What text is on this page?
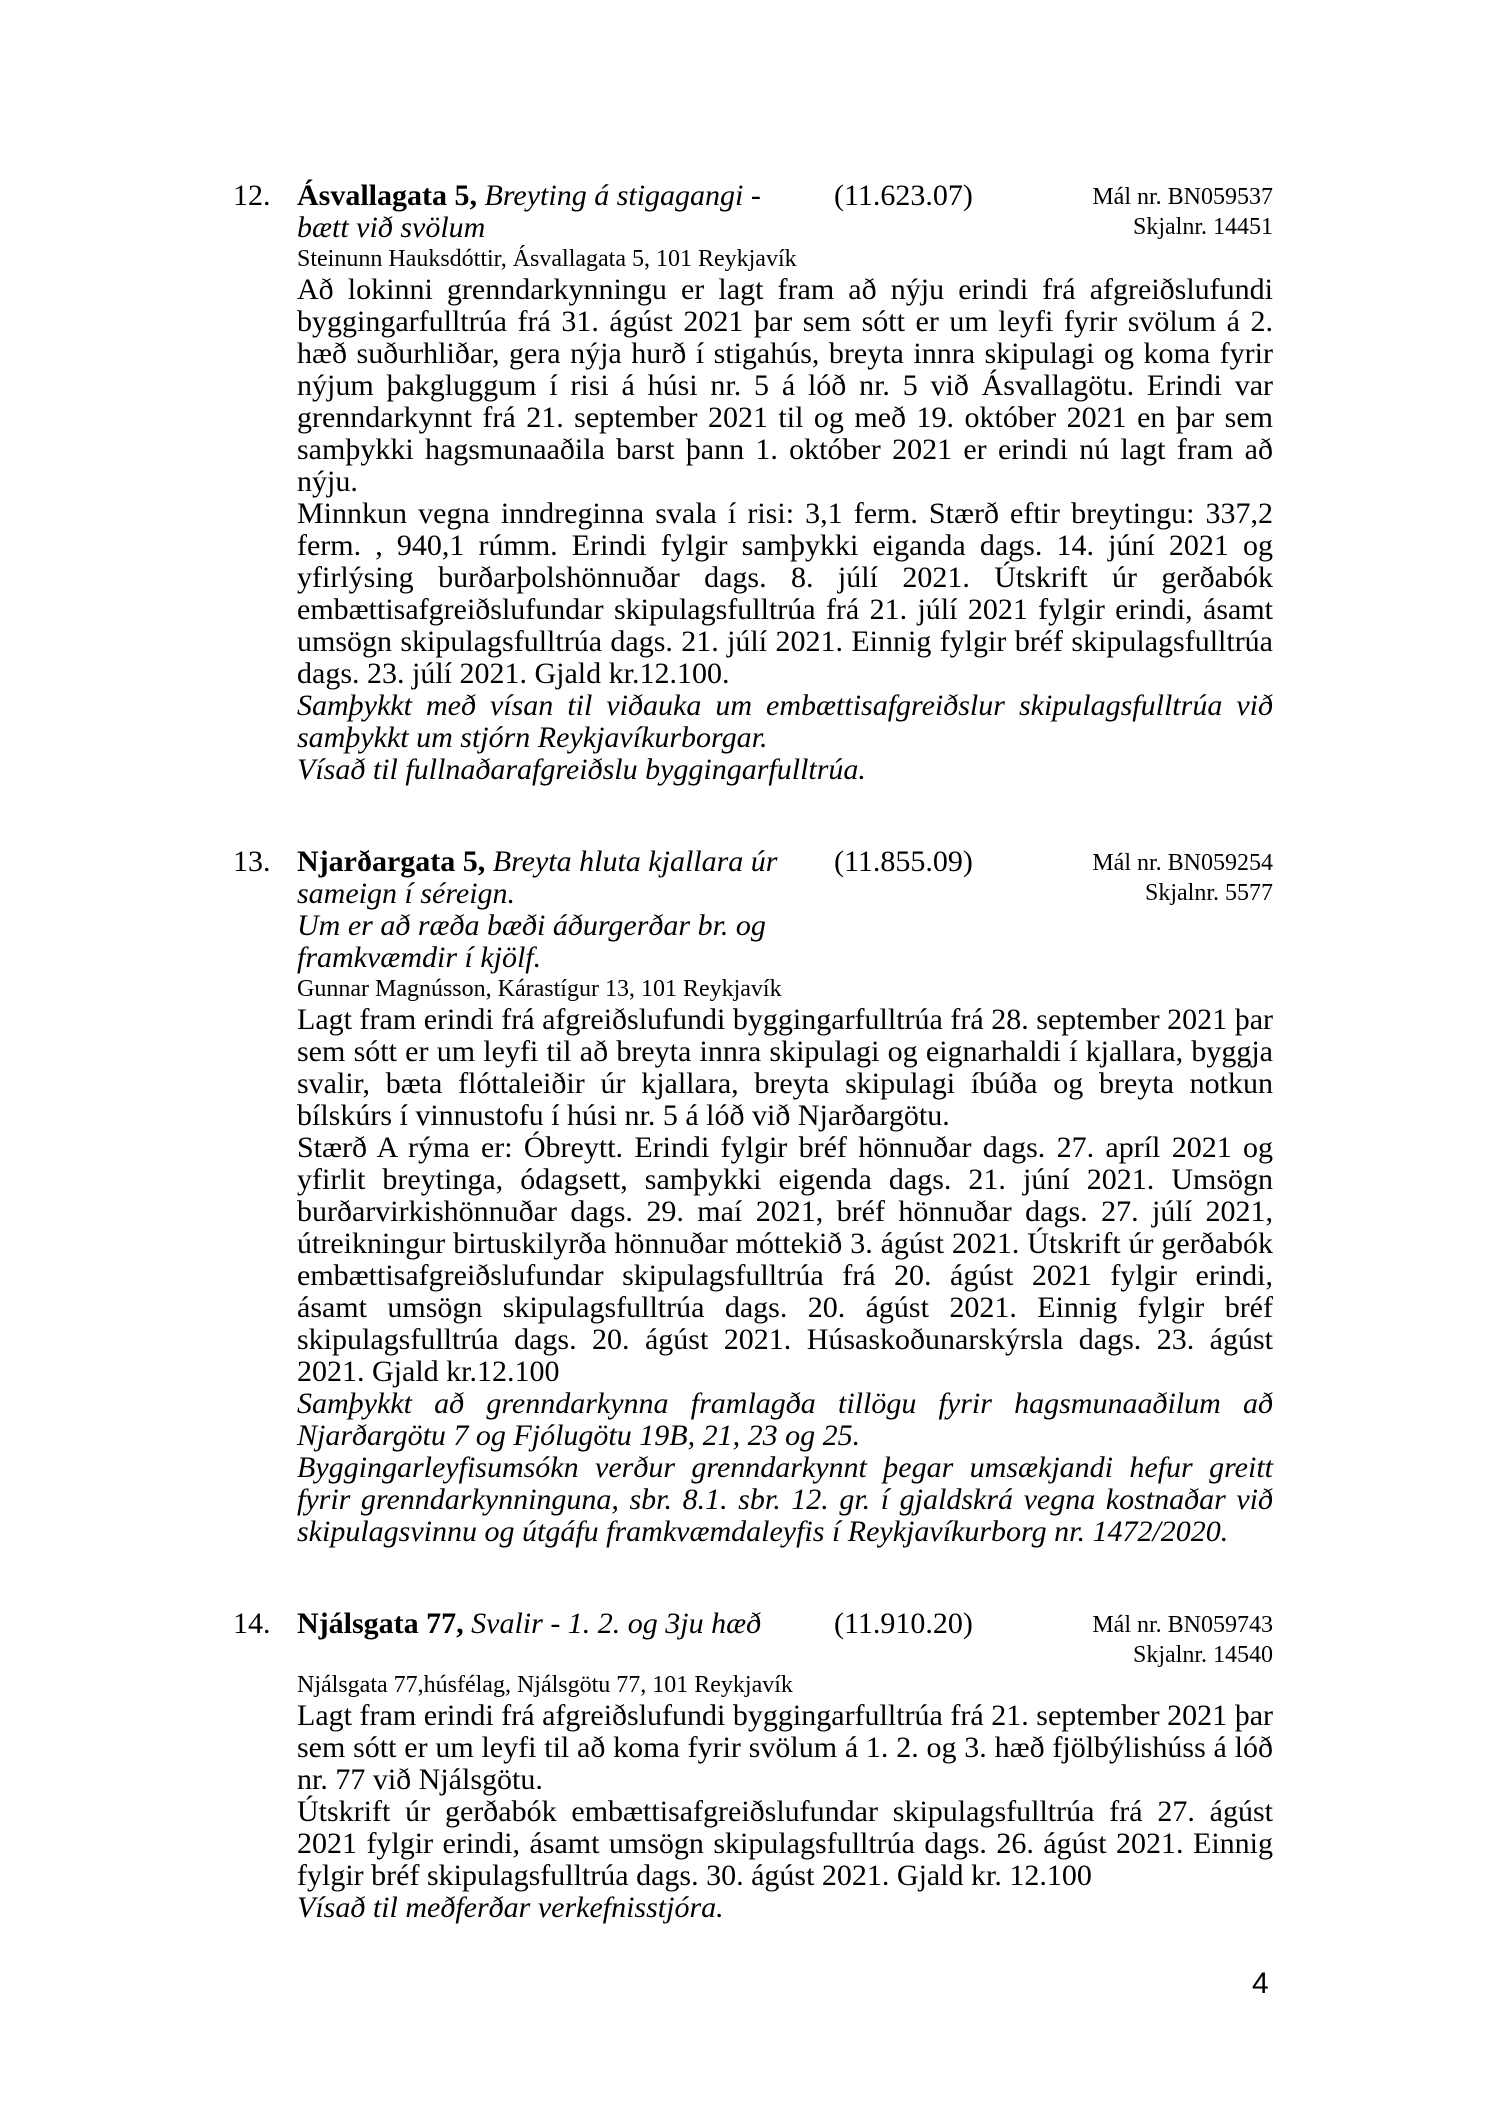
12. Ásvallagata 5, Breyting á stigagangi - bætt við svölum
(11.623.07)	Mál nr. BN059537
Skjalnr. 14451
Steinunn Hauksdóttir, Ásvallagata 5, 101 Reykjavík
Að lokinni grenndarkynningu er lagt fram að nýju erindi frá afgreiðslufundi byggingarfulltrúa frá 31. ágúst 2021 þar sem sótt er um leyfi fyrir svölum á 2. hæð suðurhliðar, gera nýja hurð í stigahús, breyta innra skipulagi og koma fyrir nýjum þakgluggum í risi á húsi nr. 5 á lóð nr. 5 við Ásvallagötu. Erindi var grenndarkynnt frá 21. september 2021 til og með 19. október 2021 en þar sem samþykki hagsmunaaðila barst þann 1. október 2021 er erindi nú lagt fram að nýju.
Minnkun vegna inndreginna svala í risi: 3,1 ferm. Stærð eftir breytingu: 337,2 ferm. , 940,1 rúmm. Erindi fylgir samþykki eiganda dags. 14. júní 2021 og yfirlýsing burðarþolshönnuðar dags. 8. júlí 2021. Útskrift úr gerðabók embættisafgreiðslufundar skipulagsfulltrúa frá 21. júlí 2021 fylgir erindi, ásamt umsögn skipulagsfulltrúa dags. 21. júlí 2021. Einnig fylgir bréf skipulagsfulltrúa dags. 23. júlí 2021. Gjald kr.12.100.
Samþykkt með vísan til viðauka um embættisafgreiðslur skipulagsfulltrúa við samþykkt um stjórn Reykjavíkurborgar.
Vísað til fullnaðarafgreiðslu byggingarfulltrúa.
13. Njarðargata 5, Breyta hluta kjallara úr sameign í séreign.
Um er að ræða bæði áðurgerðar br. og framkvæmdir í kjölf.
(11.855.09)	Mál nr. BN059254
Skjalnr. 5577
Gunnar Magnússon, Kárastígur 13, 101 Reykjavík
Lagt fram erindi frá afgreiðslufundi byggingarfulltrúa frá 28. september 2021 þar sem sótt er um leyfi til að breyta innra skipulagi og eignarhaldi í kjallara, byggja svalir, bæta flóttaleiðir úr kjallara, breyta skipulagi íbúða og breyta notkun bílskúrs í vinnustofu í húsi nr. 5 á lóð við Njarðargötu.
Stærð A rýma er: Óbreytt. Erindi fylgir bréf hönnuðar dags. 27. apríl 2021 og yfirlit breytinga, ódagsett, samþykki eigenda dags. 21. júní 2021. Umsögn burðarvirkishönnuðar dags. 29. maí 2021, bréf hönnuðar dags. 27. júlí 2021, útreikningur birtuskilyrða hönnuðar móttekið 3. ágúst 2021. Útskrift úr gerðabók embættisafgreiðslufundar skipulagsfulltrúa frá 20. ágúst 2021 fylgir erindi, ásamt umsögn skipulagsfulltrúa dags. 20. ágúst 2021. Einnig fylgir bréf skipulagsfulltrúa dags. 20. ágúst 2021. Húsaskoðunarskýrsla dags. 23. ágúst 2021. Gjald kr.12.100
Samþykkt að grenndarkynna framlagða tillögu fyrir hagsmunaaðilum að Njarðargötu 7 og Fjólugötu 19B, 21, 23 og 25.
Byggingarleyfisumsókn verður grenndarkynnt þegar umsækjandi hefur greitt fyrir grenndarkynninguna, sbr. 8.1. sbr. 12. gr. í gjaldskrá vegna kostnaðar við skipulagsvinnu og útgáfu framkvæmdaleyfis í Reykjavíkurborg nr. 1472/2020.
14. Njálsgata 77, Svalir - 1. 2. og 3ju hæð	(11.910.20)	Mál nr. BN059743
Skjalnr. 14540
Njálsgata 77,húsfélag, Njálsgötu 77, 101 Reykjavík
Lagt fram erindi frá afgreiðslufundi byggingarfulltrúa frá 21. september 2021 þar sem sótt er um leyfi til að koma fyrir svölum á 1. 2. og 3. hæð fjölbýlishúss á lóð nr. 77 við Njálsgötu.
Útskrift úr gerðabók embættisafgreiðslufundar skipulagsfulltrúa frá 27. ágúst 2021 fylgir erindi, ásamt umsögn skipulagsfulltrúa dags. 26. ágúst 2021. Einnig fylgir bréf skipulagsfulltrúa dags. 30. ágúst 2021. Gjald kr. 12.100
Vísað til meðferðar verkefnisstjóra.
4
